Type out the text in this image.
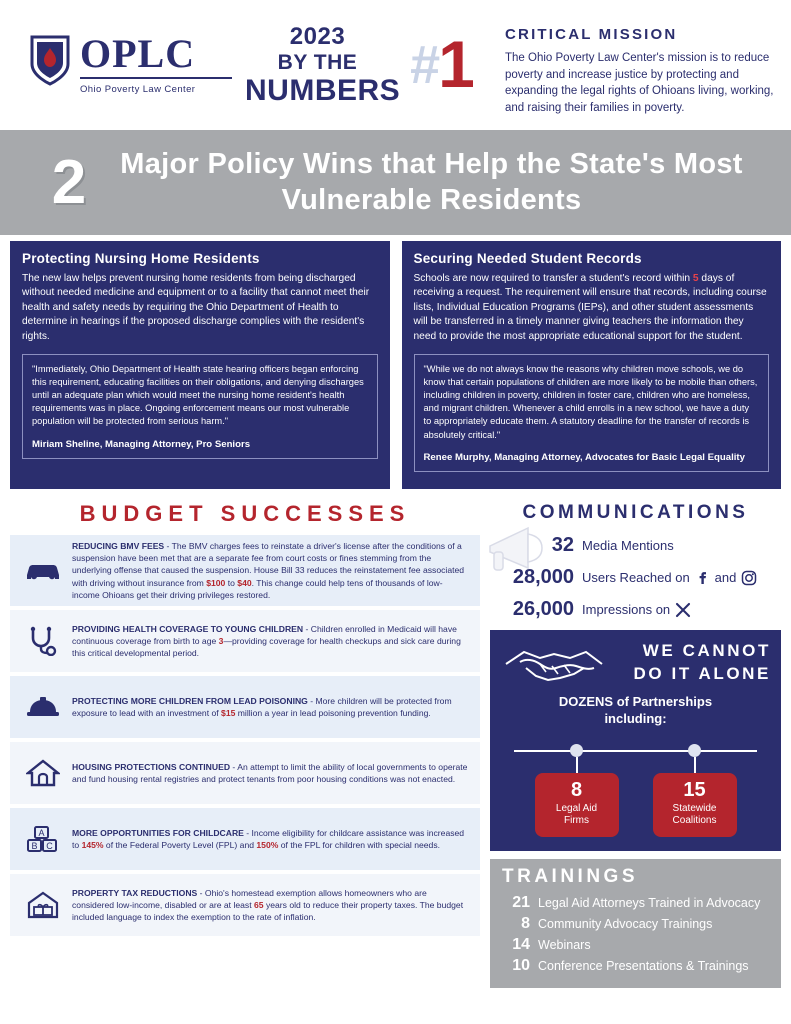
OPLC
Ohio Poverty Law Center
2023
BY THE
NUMBERS #1	CRITICAL MISSION
The Ohio Poverty Law Center's mission is to reduce poverty and increase justice by protecting and expanding the legal rights of Ohioans living, working, and raising their families in poverty.
2	Major Policy Wins that Help the State's Most Vulnerable Residents
Protecting Nursing Home Residents

The new law helps prevent nursing home residents from being discharged without needed medicine and equipment or to a facility that cannot meet their health and safety needs by requiring the Ohio Department of Health to determine in hearings if the proposed discharge complies with the resident's rights.

"Immediately, Ohio Department of Health state hearing officers began enforcing this requirement, educating facilities on their obligations, and denying discharges until an adequate plan which would meet the nursing home resident's health requirements was in place. Ongoing enforcement means our most vulnerable population will be protected from serious harm."

Miriam Sheline, Managing Attorney, Pro Seniors
Securing Needed Student Records

Schools are now required to transfer a student's record within 5 days of receiving a request. The requirement will ensure that records, including course lists, Individual Education Programs (IEPs), and other student assessments will be transferred in a timely manner giving teachers the information they need to provide the most appropriate educational support for the student.

"While we do not always know the reasons why children move schools, we do know that certain populations of children are more likely to be mobile than others, including children in poverty, children in foster care, children who are homeless, and migrant children. Whenever a child enrolls in a new school, we have a duty to appropriately educate them. A statutory deadline for the transfer of records is absolutely critical."

Renee Murphy, Managing Attorney, Advocates for Basic Legal Equality
BUDGET SUCCESSES
REDUCING BMV FEES - The BMV charges fees to reinstate a driver's license after the conditions of a suspension have been met that are a separate fee from court costs or fines stemming from the underlying offense that caused the suspension. House Bill 33 reduces the reinstatement fee associated with driving without insurance from $100 to $40. This change could help tens of thousands of low-income Ohioans get their driving privileges restored.
PROVIDING HEALTH COVERAGE TO YOUNG CHILDREN - Children enrolled in Medicaid will have continuous coverage from birth to age 3—providing coverage for health checkups and sick care during this critical developmental period.
PROTECTING MORE CHILDREN FROM LEAD POISONING - More children will be protected from exposure to lead with an investment of $15 million a year in lead poisoning prevention funding.
HOUSING PROTECTIONS CONTINUED - An attempt to limit the ability of local governments to operate and fund housing rental registries and protect tenants from poor housing conditions was not enacted.
A
B C
MORE OPPORTUNITIES FOR CHILDCARE - Income eligibility for childcare assistance was increased to 145% of the Federal Poverty Level (FPL) and 150% of the FPL for children with special needs.
PROPERTY TAX REDUCTIONS - Ohio's homestead exemption allows homeowners who are considered low-income, disabled or are at least 65 years old to reduce their property taxes. The budget included language to index the exemption to the rate of inflation.
COMMUNICATIONS
32 Media Mentions
28,000 Users Reached on and
26,000 Impressions on
WE CANNOT
DO IT ALONE
DOZENS of Partnerships
including:
8
Legal Aid
Firms
15
Statewide
Coalitions
TRAININGS
21 Legal Aid Attorneys Trained in Advocacy
8 Community Advocacy Trainings
14 Webinars
10 Conference Presentations & Trainings
